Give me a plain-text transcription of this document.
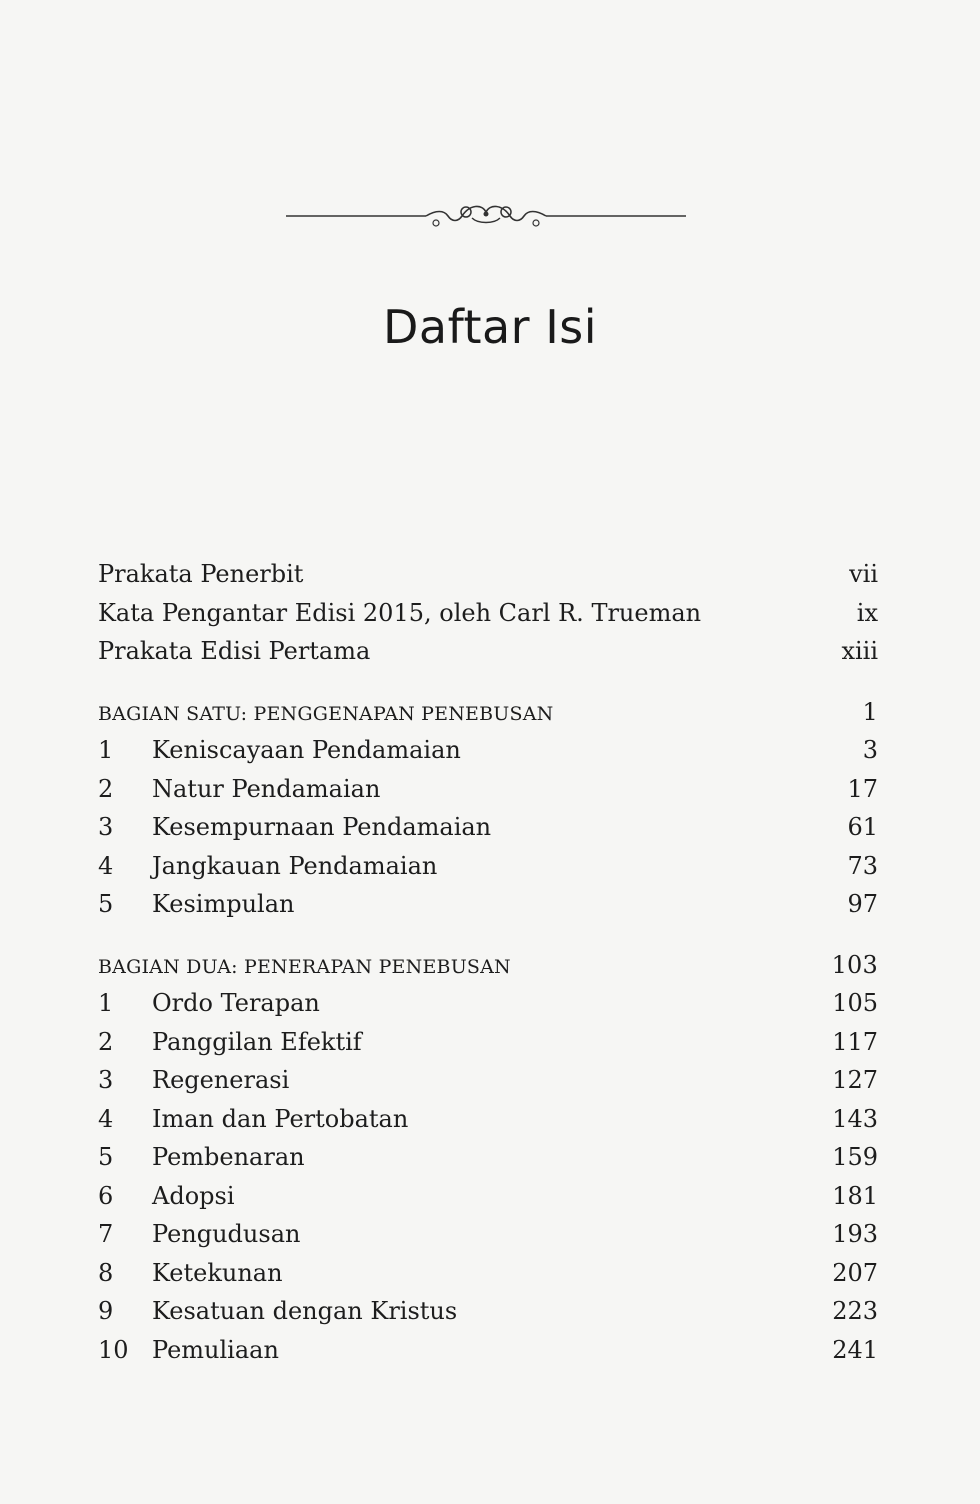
Daftar Isi
Prakata Penerbit	vii
Kata Pengantar Edisi 2015, oleh Carl R. Trueman	ix
Prakata Edisi Pertama	xiii
BAGIAN SATU: PENGGENAPAN PENEBUSAN	1
1 Keniscayaan Pendamaian	3
2 Natur Pendamaian	17
3 Kesempurnaan Pendamaian	61
4 Jangkauan Pendamaian	73
5 Kesimpulan	97
BAGIAN DUA: PENERAPAN PENEBUSAN	103
1 Ordo Terapan	105
2 Panggilan Efektif	117
3 Regenerasi	127
4 Iman dan Pertobatan	143
5 Pembenaran	159
6 Adopsi	181
7 Pengudusan	193
8 Ketekunan	207
9 Kesatuan dengan Kristus	223
10 Pemuliaan	241
